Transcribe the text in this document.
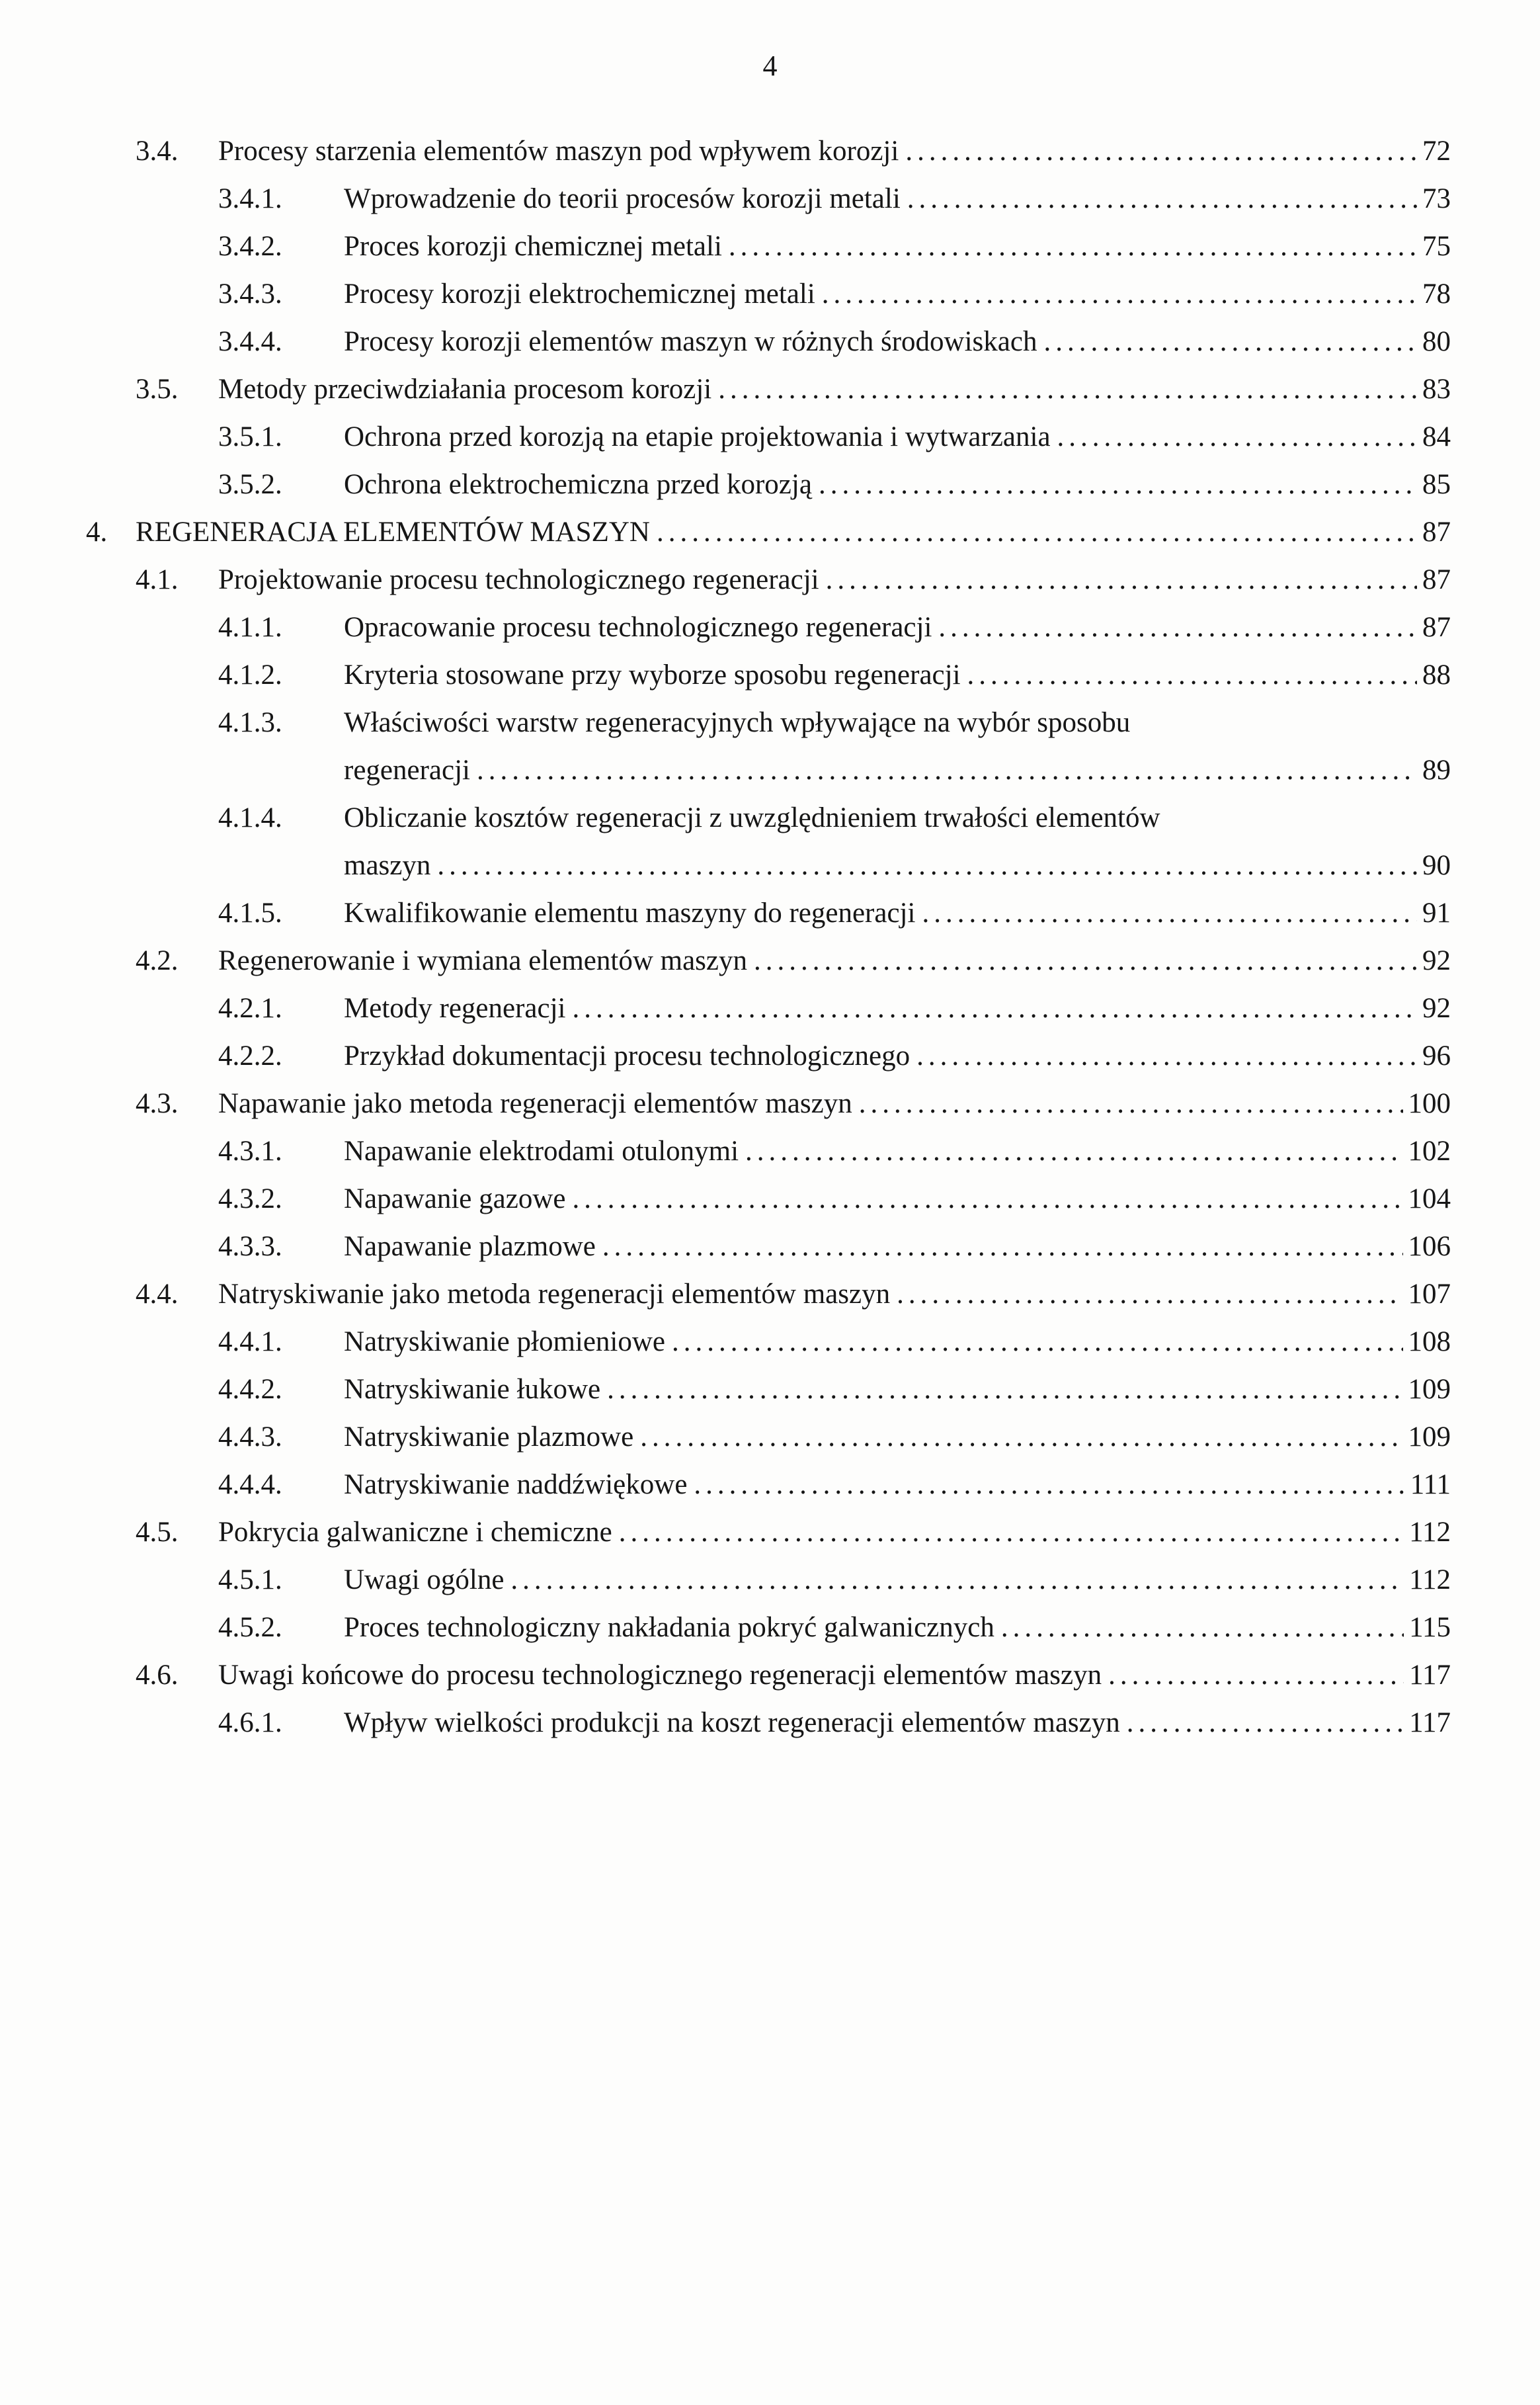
4
3.4.	Procesy starzenia elementów maszyn pod wpływem korozji .....	72
3.4.1.	Wprowadzenie do teorii procesów korozji metali .....	73
3.4.2.	Proces korozji chemicznej metali .....	75
3.4.3.	Procesy korozji elektrochemicznej metali .....	78
3.4.4.	Procesy korozji elementów maszyn w różnych środowiskach .....	80
3.5.	Metody przeciwdziałania procesom korozji .....	83
3.5.1.	Ochrona przed korozją na etapie projektowania i wytwarzania .....	84
3.5.2.	Ochrona elektrochemiczna przed korozją .....	85
4. REGENERACJA ELEMENTÓW MASZYN .....	87
4.1.	Projektowanie procesu technologicznego regeneracji .....	87
4.1.1.	Opracowanie procesu technologicznego regeneracji .....	87
4.1.2.	Kryteria stosowane przy wyborze sposobu regeneracji .....	88
4.1.3.	Właściwości warstw regeneracyjnych wpływające na wybór sposobu
regeneracji .....	89
4.1.4.	Obliczanie kosztów regeneracji z uwzględnieniem trwałości elementów
maszyn .....	90
4.1.5.	Kwalifikowanie elementu maszyny do regeneracji .....	91
4.2.	Regenerowanie i wymiana elementów maszyn .....	92
4.2.1.	Metody regeneracji .....	92
4.2.2.	Przykład dokumentacji procesu technologicznego .....	96
4.3.	Napawanie jako metoda regeneracji elementów maszyn .....	100
4.3.1.	Napawanie elektrodami otulonymi .....	102
4.3.2.	Napawanie gazowe .....	104
4.3.3.	Napawanie plazmowe .....	106
4.4.	Natryskiwanie jako metoda regeneracji elementów maszyn .....	107
4.4.1.	Natryskiwanie płomieniowe .....	108
4.4.2.	Natryskiwanie łukowe .....	109
4.4.3.	Natryskiwanie plazmowe .....	109
4.4.4.	Natryskiwanie naddźwiękowe .....	111
4.5.	Pokrycia galwaniczne i chemiczne .....	112
4.5.1.	Uwagi ogólne .....	112
4.5.2.	Proces technologiczny nakładania pokryć galwanicznych .....	115
4.6.	Uwagi końcowe do procesu technologicznego regeneracji elementów maszyn .....	117
4.6.1.	Wpływ wielkości produkcji na koszt regeneracji elementów maszyn .....	117
